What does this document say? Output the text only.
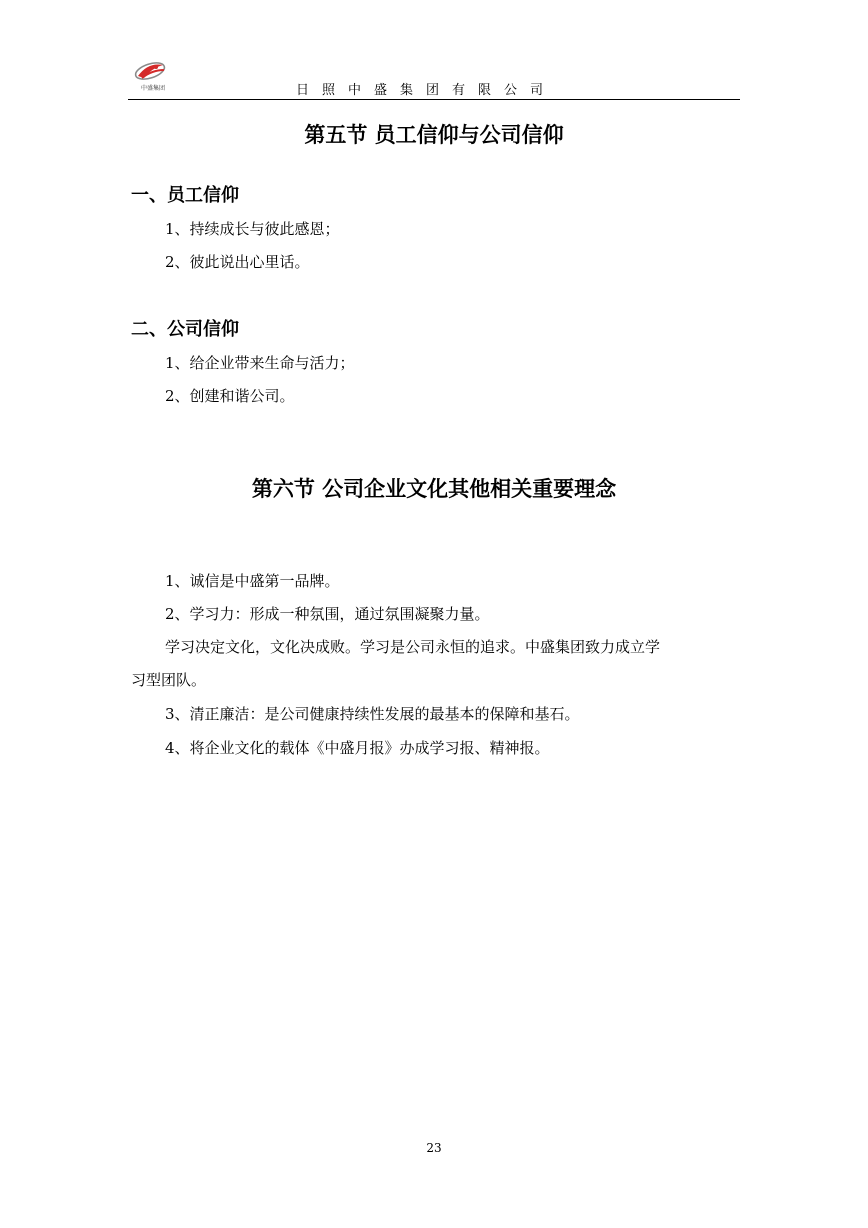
中盛集团	日照中盛集团有限公司
第五节 员工信仰与公司信仰
一、员工信仰
1、持续成长与彼此感恩；
2、彼此说出心里话。
二、公司信仰
1、给企业带来生命与活力；
2、创建和谐公司。
第六节 公司企业文化其他相关重要理念
1、诚信是中盛第一品牌。
2、学习力：形成一种氛围，通过氛围凝聚力量。
学习决定文化，文化决成败。学习是公司永恒的追求。中盛集团致力成立学
习型团队。
3、清正廉洁：是公司健康持续性发展的最基本的保障和基石。
4、将企业文化的载体《中盛月报》办成学习报、精神报。
23
